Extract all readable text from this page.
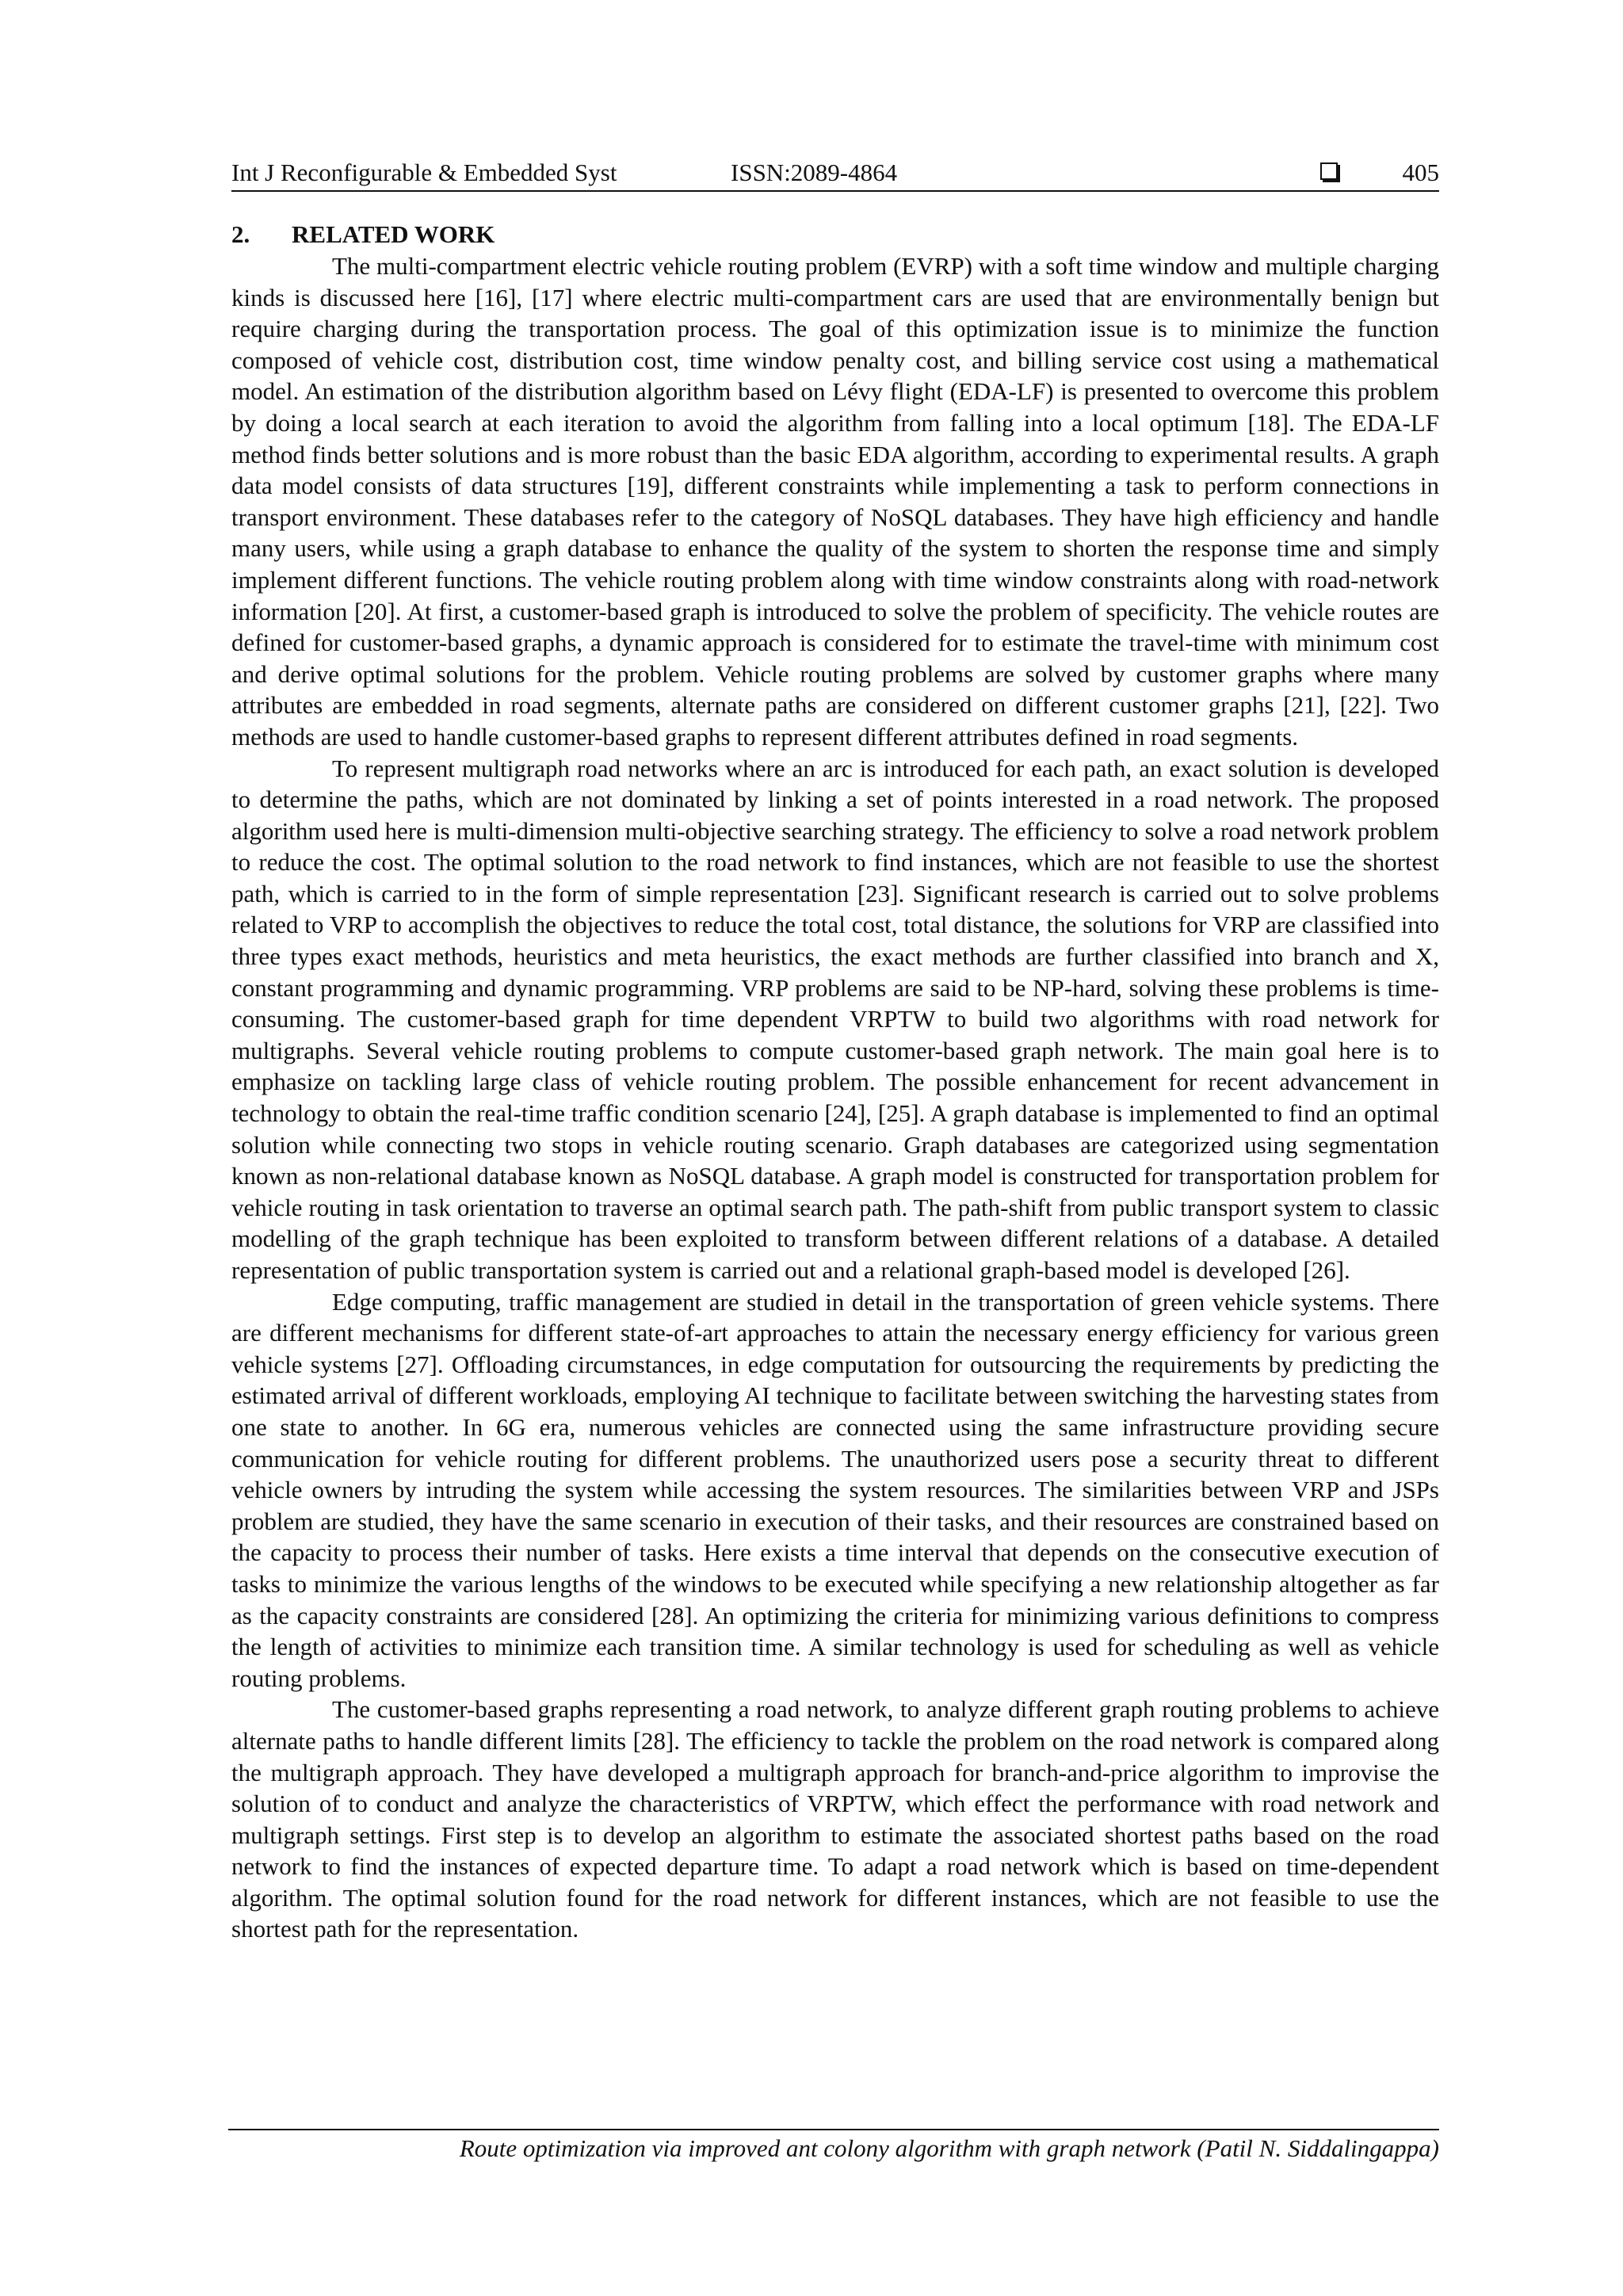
Int J Reconfigurable & Embedded Syst	ISSN:2089-4864	405
2. RELATED WORK

The multi-compartment electric vehicle routing problem (EVRP) with a soft time window and multiple charging kinds is discussed here [16], [17] where electric multi-compartment cars are used that are environmentally benign but require charging during the transportation process. The goal of this optimization issue is to minimize the function composed of vehicle cost, distribution cost, time window penalty cost, and billing service cost using a mathematical model. An estimation of the distribution algorithm based on Lévy flight (EDA-LF) is presented to overcome this problem by doing a local search at each iteration to avoid the algorithm from falling into a local optimum [18]. The EDA-LF method finds better solutions and is more robust than the basic EDA algorithm, according to experimental results. A graph data model consists of data structures [19], different constraints while implementing a task to perform connections in transport environment. These databases refer to the category of NoSQL databases. They have high efficiency and handle many users, while using a graph database to enhance the quality of the system to shorten the response time and simply implement different functions. The vehicle routing problem along with time window constraints along with road-network information [20]. At first, a customer-based graph is introduced to solve the problem of specificity. The vehicle routes are defined for customer-based graphs, a dynamic approach is considered for to estimate the travel-time with minimum cost and derive optimal solutions for the problem. Vehicle routing problems are solved by customer graphs where many attributes are embedded in road segments, alternate paths are considered on different customer graphs [21], [22]. Two methods are used to handle customer-based graphs to represent different attributes defined in road segments.

To represent multigraph road networks where an arc is introduced for each path, an exact solution is developed to determine the paths, which are not dominated by linking a set of points interested in a road network. The proposed algorithm used here is multi-dimension multi-objective searching strategy. The efficiency to solve a road network problem to reduce the cost. The optimal solution to the road network to find instances, which are not feasible to use the shortest path, which is carried to in the form of simple representation [23]. Significant research is carried out to solve problems related to VRP to accomplish the objectives to reduce the total cost, total distance, the solutions for VRP are classified into three types exact methods, heuristics and meta heuristics, the exact methods are further classified into branch and X, constant programming and dynamic programming. VRP problems are said to be NP-hard, solving these problems is time-consuming. The customer-based graph for time dependent VRPTW to build two algorithms with road network for multigraphs. Several vehicle routing problems to compute customer-based graph network. The main goal here is to emphasize on tackling large class of vehicle routing problem. The possible enhancement for recent advancement in technology to obtain the real-time traffic condition scenario [24], [25]. A graph database is implemented to find an optimal solution while connecting two stops in vehicle routing scenario. Graph databases are categorized using segmentation known as non-relational database known as NoSQL database. A graph model is constructed for transportation problem for vehicle routing in task orientation to traverse an optimal search path. The path-shift from public transport system to classic modelling of the graph technique has been exploited to transform between different relations of a database. A detailed representation of public transportation system is carried out and a relational graph-based model is developed [26].

Edge computing, traffic management are studied in detail in the transportation of green vehicle systems. There are different mechanisms for different state-of-art approaches to attain the necessary energy efficiency for various green vehicle systems [27]. Offloading circumstances, in edge computation for outsourcing the requirements by predicting the estimated arrival of different workloads, employing AI technique to facilitate between switching the harvesting states from one state to another. In 6G era, numerous vehicles are connected using the same infrastructure providing secure communication for vehicle routing for different problems. The unauthorized users pose a security threat to different vehicle owners by intruding the system while accessing the system resources. The similarities between VRP and JSPs problem are studied, they have the same scenario in execution of their tasks, and their resources are constrained based on the capacity to process their number of tasks. Here exists a time interval that depends on the consecutive execution of tasks to minimize the various lengths of the windows to be executed while specifying a new relationship altogether as far as the capacity constraints are considered [28]. An optimizing the criteria for minimizing various definitions to compress the length of activities to minimize each transition time. A similar technology is used for scheduling as well as vehicle routing problems.

The customer-based graphs representing a road network, to analyze different graph routing problems to achieve alternate paths to handle different limits [28]. The efficiency to tackle the problem on the road network is compared along the multigraph approach. They have developed a multigraph approach for branch-and-price algorithm to improvise the solution of to conduct and analyze the characteristics of VRPTW, which effect the performance with road network and multigraph settings. First step is to develop an algorithm to estimate the associated shortest paths based on the road network to find the instances of expected departure time. To adapt a road network which is based on time-dependent algorithm. The optimal solution found for the road network for different instances, which are not feasible to use the shortest path for the representation.

Route optimization via improved ant colony algorithm with graph network (Patil N. Siddalingappa)
